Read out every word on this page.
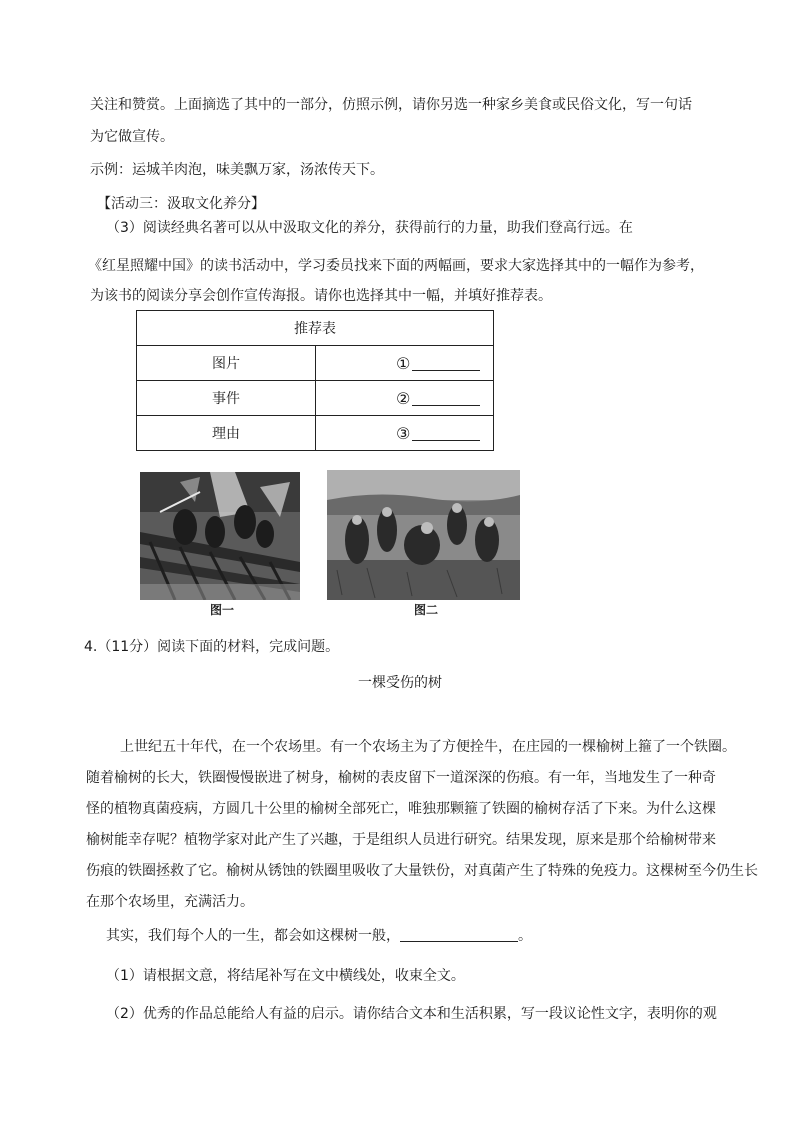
关注和赞赏。上面摘选了其中的一部分，仿照示例，请你另选一种家乡美食或民俗文化，写一句话
为它做宣传。
示例：运城羊肉泡，味美飘万家，汤浓传天下。
【活动三：汲取文化养分】
（3）阅读经典名著可以从中汲取文化的养分，获得前行的力量，助我们登高行远。在
《红星照耀中国》的读书活动中，学习委员找来下面的两幅画，要求大家选择其中的一幅作为参考，
为该书的阅读分享会创作宣传海报。请你也选择其中一幅，并填好推荐表。
推荐表	
图片	①
事件	②
理由	③
图一	图二
4.（11分）阅读下面的材料，完成问题。
一棵受伤的树
上世纪五十年代，在一个农场里。有一个农场主为了方便拴牛，在庄园的一棵榆树上箍了一个铁圈。
随着榆树的长大，铁圈慢慢嵌进了树身，榆树的表皮留下一道深深的伤痕。有一年，当地发生了一种奇
怪的植物真菌疫病，方圆几十公里的榆树全部死亡，唯独那颗箍了铁圈的榆树存活了下来。为什么这棵
榆树能幸存呢？植物学家对此产生了兴趣，于是组织人员进行研究。结果发现，原来是那个给榆树带来
伤痕的铁圈拯救了它。榆树从锈蚀的铁圈里吸收了大量铁份，对真菌产生了特殊的免疫力。这棵树至今仍生长
在那个农场里，充满活力。
其实，我们每个人的一生，都会如这棵树一般，	。
（1）请根据文意，将结尾补写在文中横线处，收束全文。
（2）优秀的作品总能给人有益的启示。请你结合文本和生活积累，写一段议论性文字，表明你的观
